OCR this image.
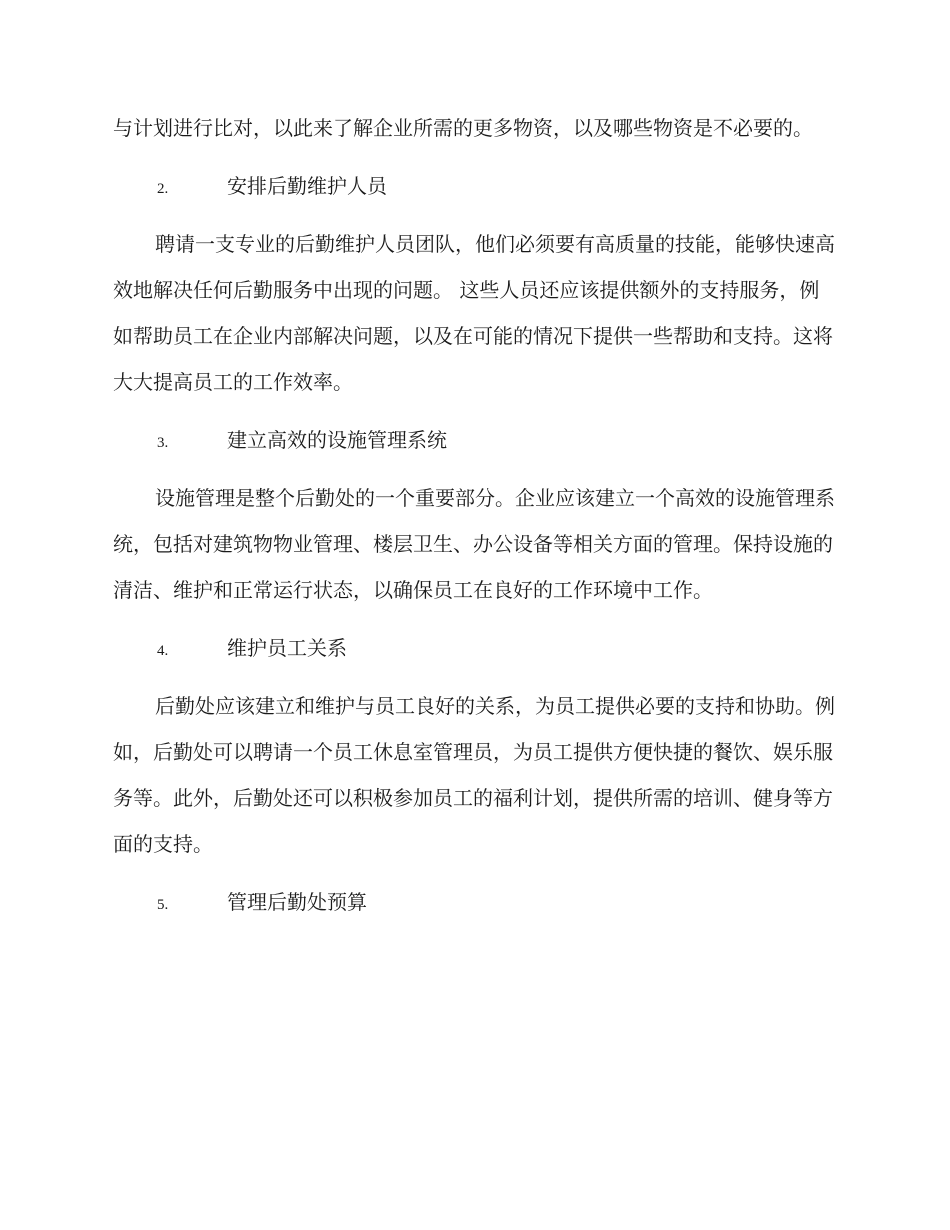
与计划进行比对，以此来了解企业所需的更多物资，以及哪些物资是不必要的。

2.	安排后勤维护人员

聘请一支专业的后勤维护人员团队，他们必须要有高质量的技能，能够快速高效地解决任何后勤服务中出现的问题。 这些人员还应该提供额外的支持服务，例如帮助员工在企业内部解决问题，以及在可能的情况下提供一些帮助和支持。这将大大提高员工的工作效率。

3.	建立高效的设施管理系统

设施管理是整个后勤处的一个重要部分。企业应该建立一个高效的设施管理系统，包括对建筑物物业管理、楼层卫生、办公设备等相关方面的管理。保持设施的清洁、维护和正常运行状态，以确保员工在良好的工作环境中工作。

4.	维护员工关系

后勤处应该建立和维护与员工良好的关系，为员工提供必要的支持和协助。例如，后勤处可以聘请一个员工休息室管理员，为员工提供方便快捷的餐饮、娱乐服务等。此外，后勤处还可以积极参加员工的福利计划，提供所需的培训、健身等方面的支持。

5.	管理后勤处预算
